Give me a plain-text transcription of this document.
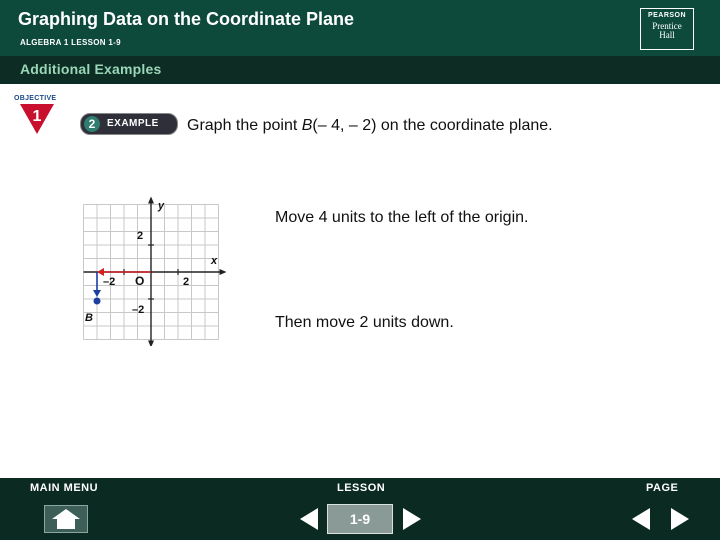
Graphing Data on the Coordinate Plane
ALGEBRA 1 LESSON 1-9
PEARSON
Prentice
Hall
Additional Examples
OBJECTIVE
1	2	EXAMPLE Graph the point B(– 4, – 2) on the coordinate plane.
Move 4 units to the left of the origin.
Then move 2 units down.
y
x
O
2
–2
2
–2
B
MAIN MENU	LESSON	PAGE
1-9
